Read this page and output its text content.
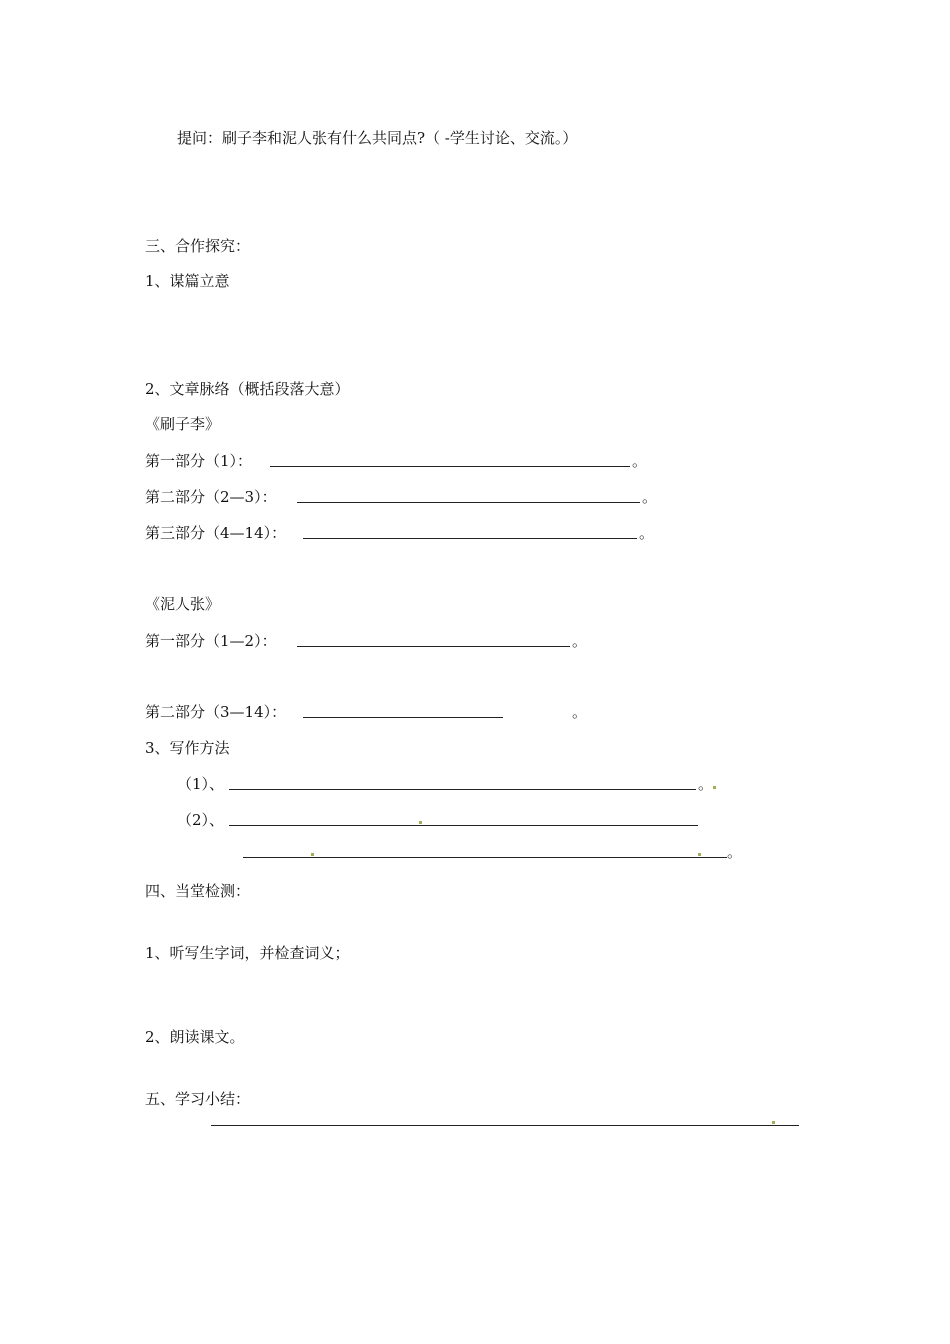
提问：刷子李和泥人张有什么共同点?（ -学生讨论、交流。）
三、合作探究：
1、谋篇立意
2、文章脉络（概括段落大意）
《刷子李》
第一部分（1）：	。
第二部分（2—3）：	。
第三部分（4—14）：	。
《泥人张》
第一部分（1—2）：	。
第二部分（3—14）：	。
3、写作方法
（1）、	。
（2）、
。
四、当堂检测：
1、听写生字词，并检查词义；
2、朗读课文。
五、学习小结：
